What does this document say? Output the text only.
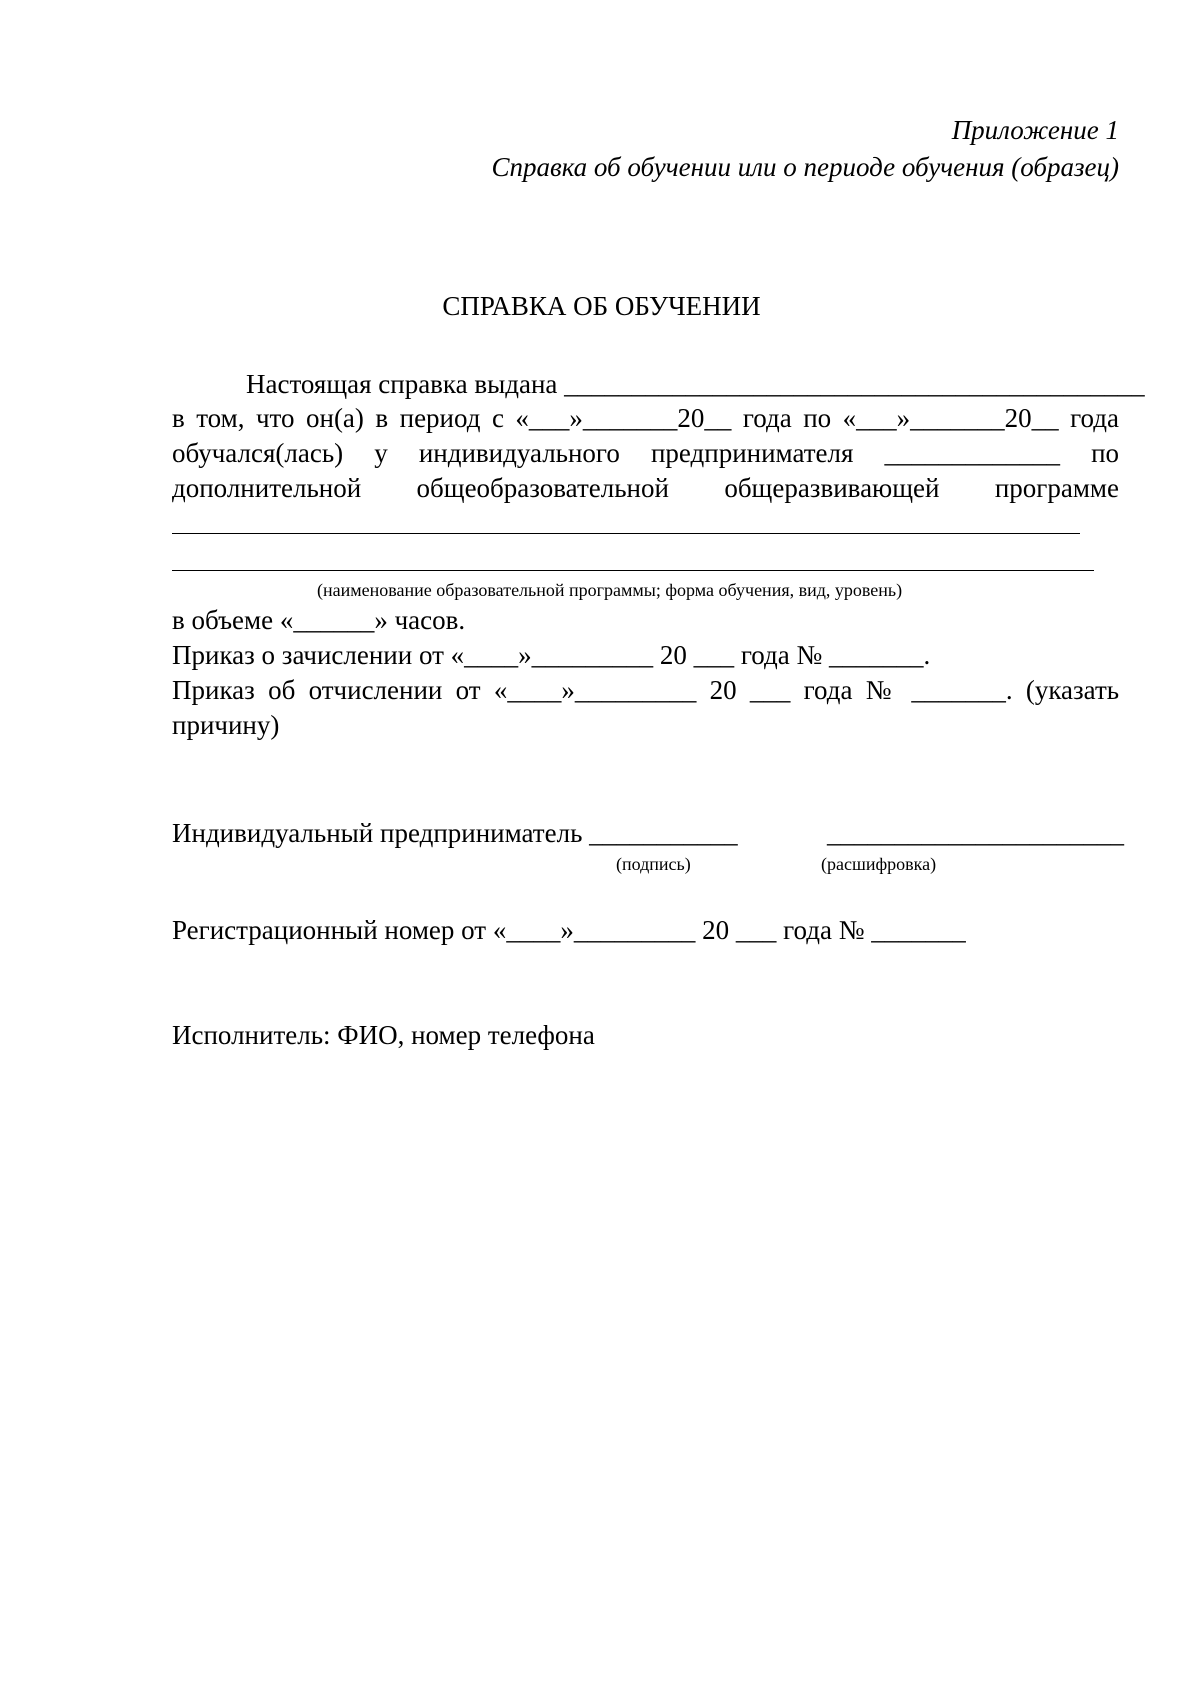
Приложение 1
Справка об обучении или о периоде обучения (образец)
СПРАВКА ОБ ОБУЧЕНИИ
Настоящая справка выдана ___________________________________________
в том, что он(а) в период с «___»_______20__ года по «___»_______20__ года
обучался(лась) у индивидуального предпринимателя _____________ по
дополнительной общеобразовательной общеразвивающей программе
(наименование образовательной программы; форма обучения, вид, уровень)
в объеме «______» часов.
Приказ о зачислении от «____»_________ 20 ___ года № _______.
Приказ об отчислении от «____»_________ 20 ___ года № _______. (указать
причину)
Индивидуальный предприниматель ___________	______________________
(подпись)	(расшифровка)
Регистрационный номер от «____»_________ 20 ___ года № _______
Исполнитель: ФИО, номер телефона
